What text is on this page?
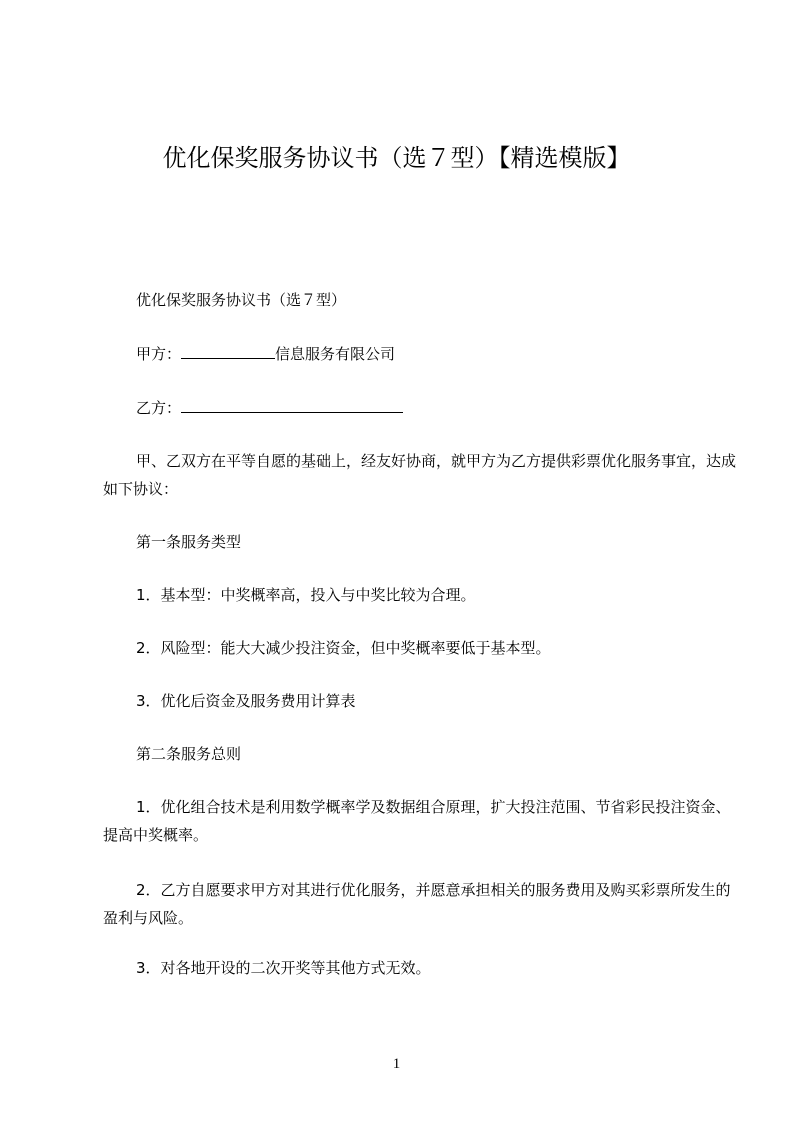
优化保奖服务协议书（选７型）【精选模版】
优化保奖服务协议书（选７型）
甲方：	信息服务有限公司
乙方：
甲、乙双方在平等自愿的基础上，经友好协商，就甲方为乙方提供彩票优化服务事宜，达成如下协议：
第一条服务类型
1．基本型：中奖概率高，投入与中奖比较为合理。
2．风险型：能大大减少投注资金，但中奖概率要低于基本型。
3．优化后资金及服务费用计算表
第二条服务总则
1．优化组合技术是利用数学概率学及数据组合原理，扩大投注范围、节省彩民投注资金、提高中奖概率。
2．乙方自愿要求甲方对其进行优化服务，并愿意承担相关的服务费用及购买彩票所发生的盈利与风险。
3．对各地开设的二次开奖等其他方式无效。
1
